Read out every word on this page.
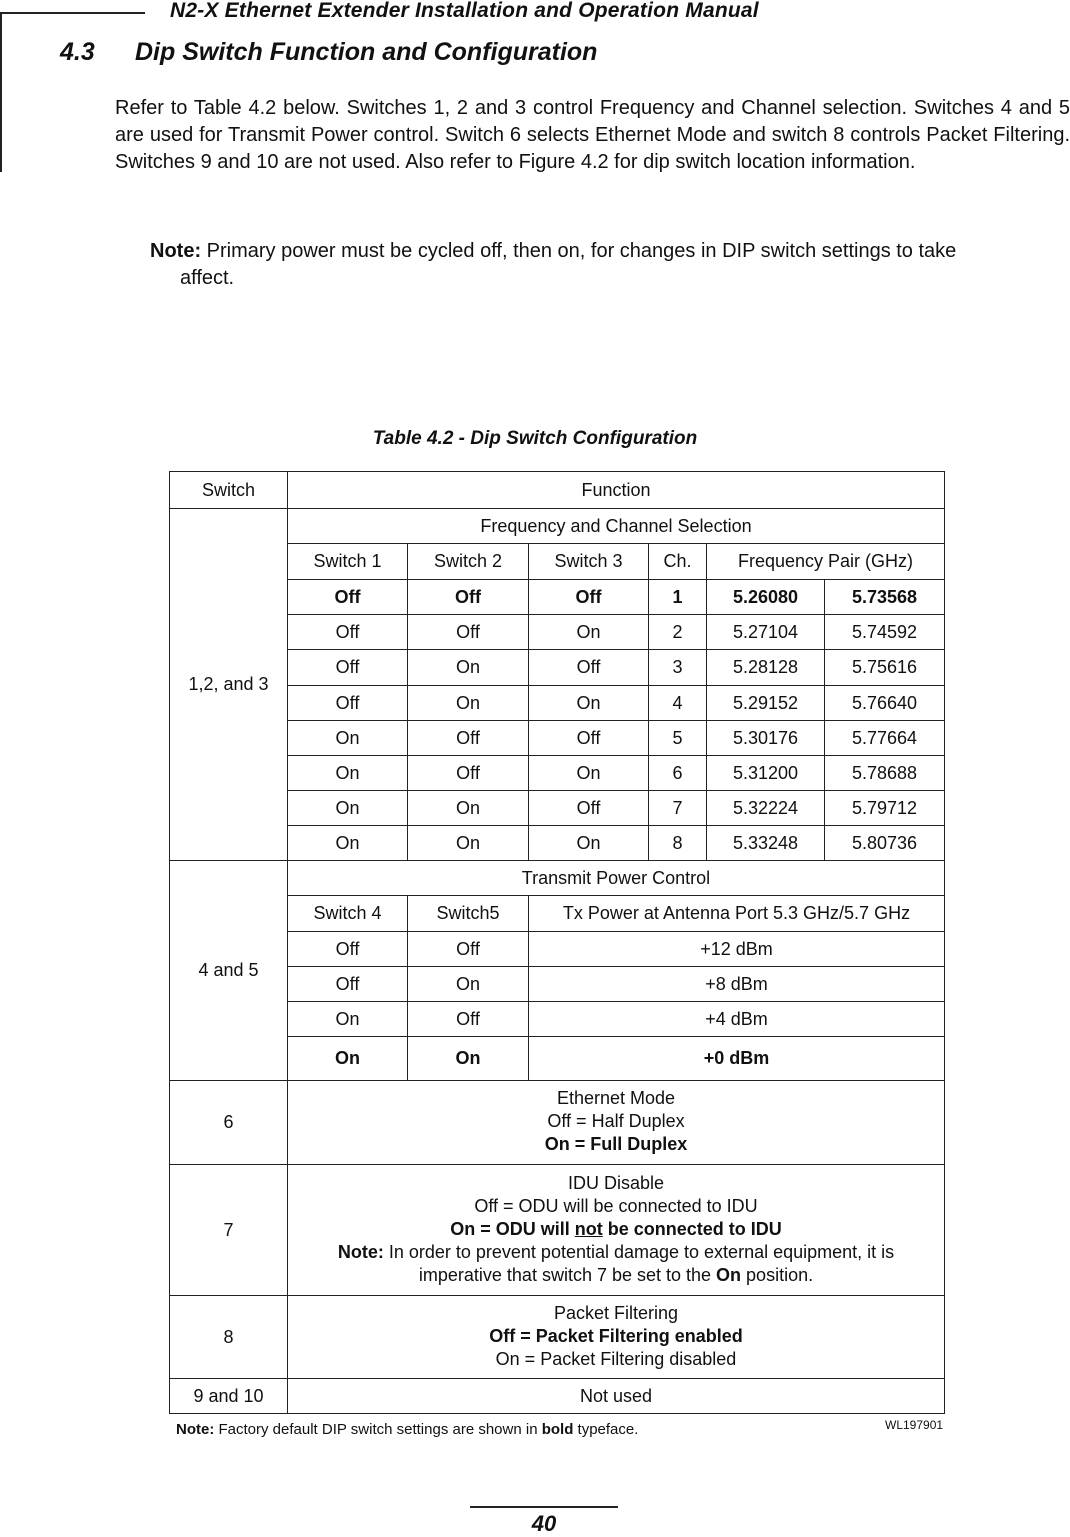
N2-X Ethernet Extender Installation and Operation Manual
4.3 Dip Switch Function and Configuration
Refer to Table 4.2 below. Switches 1, 2 and 3 control Frequency and Channel selection. Switches 4 and 5 are used for Transmit Power control. Switch 6 selects Ethernet Mode and switch 8 controls Packet Filtering. Switches 9 and 10 are not used. Also refer to Figure 4.2 for dip switch location information.
Note: Primary power must be cycled off, then on, for changes in DIP switch settings to take
affect.
Table 4.2 - Dip Switch Configuration
Switch	Function					
1,2, and 3	Frequency and Channel Selection					
	Switch 1	Switch 2	Switch 3	Ch.	Frequency Pair (GHz)	
	Off	Off	Off	1	5.26080	5.73568
	Off	Off	On	2	5.27104	5.74592
	Off	On	Off	3	5.28128	5.75616
	Off	On	On	4	5.29152	5.76640
	On	Off	Off	5	5.30176	5.77664
	On	Off	On	6	5.31200	5.78688
	On	On	Off	7	5.32224	5.79712
	On	On	On	8	5.33248	5.80736
4 and 5	Transmit Power Control					
	Switch 4	Switch5	Tx Power at Antenna Port 5.3 GHz/5.7 GHz			
	Off	Off	+12 dBm			
	Off	On	+8 dBm			
	On	Off	+4 dBm			
	On	On	+0 dBm			
6	Ethernet Mode
Off = Half Duplex
On = Full Duplex					

7	IDU Disable
Off = ODU will be connected to IDU
On = ODU will not be connected to IDU
Note: In order to prevent potential damage to external equipment, it is imperative that switch 7 be set to the On position.					

8	Packet Filtering
Off = Packet Filtering enabled
On = Packet Filtering disabled					

9 and 10	Not used					
Note: Factory default DIP switch settings are shown in bold typeface.	WL197901
40
